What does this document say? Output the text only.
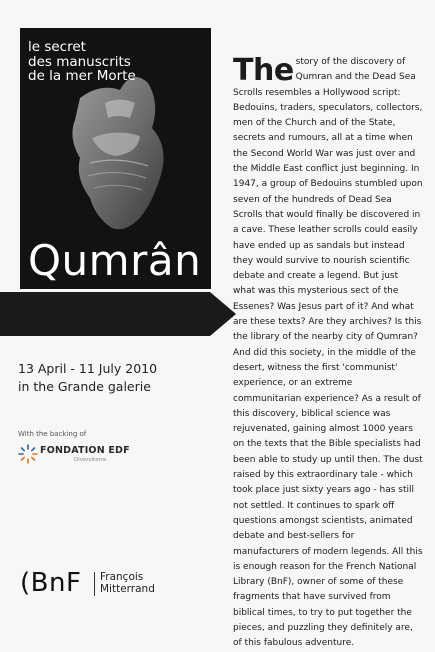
le secret
des manuscrits
de la mer Morte
Qumrân
13 April - 11 July 2010
in the Grande galerie
With the backing of
FONDATION EDF
Diversiterre
(BnF François
Mitterrand
The story of the discovery of Qumran and the Dead Sea Scrolls resembles a Hollywood script: Bedouins, traders, speculators, collectors, men of the Church and of the State, secrets and rumours, all at a time when the Second World War was just over and the Middle East conflict just beginning. In 1947, a group of Bedouins stumbled upon seven of the hundreds of Dead Sea Scrolls that would finally be discovered in a cave. These leather scrolls could easily have ended up as sandals but instead they would survive to nourish scientific debate and create a legend. But just what was this mysterious sect of the Essenes? Was Jesus part of it? And what are these texts? Are they archives? Is this the library of the nearby city of Qumran? And did this society, in the middle of the desert, witness the first 'communist' experience, or an extreme communitarian experience? As a result of this discovery, biblical science was rejuvenated, gaining almost 1000 years on the texts that the Bible specialists had been able to study up until then. The dust raised by this extraordinary tale - which took place just sixty years ago - has still not settled. It continues to spark off questions amongst scientists, animated debate and best-sellers for manufacturers of modern legends. All this is enough reason for the French National Library (BnF), owner of some of these fragments that have survived from biblical times, to try to put together the pieces, and puzzling they definitely are, of this fabulous adventure.
